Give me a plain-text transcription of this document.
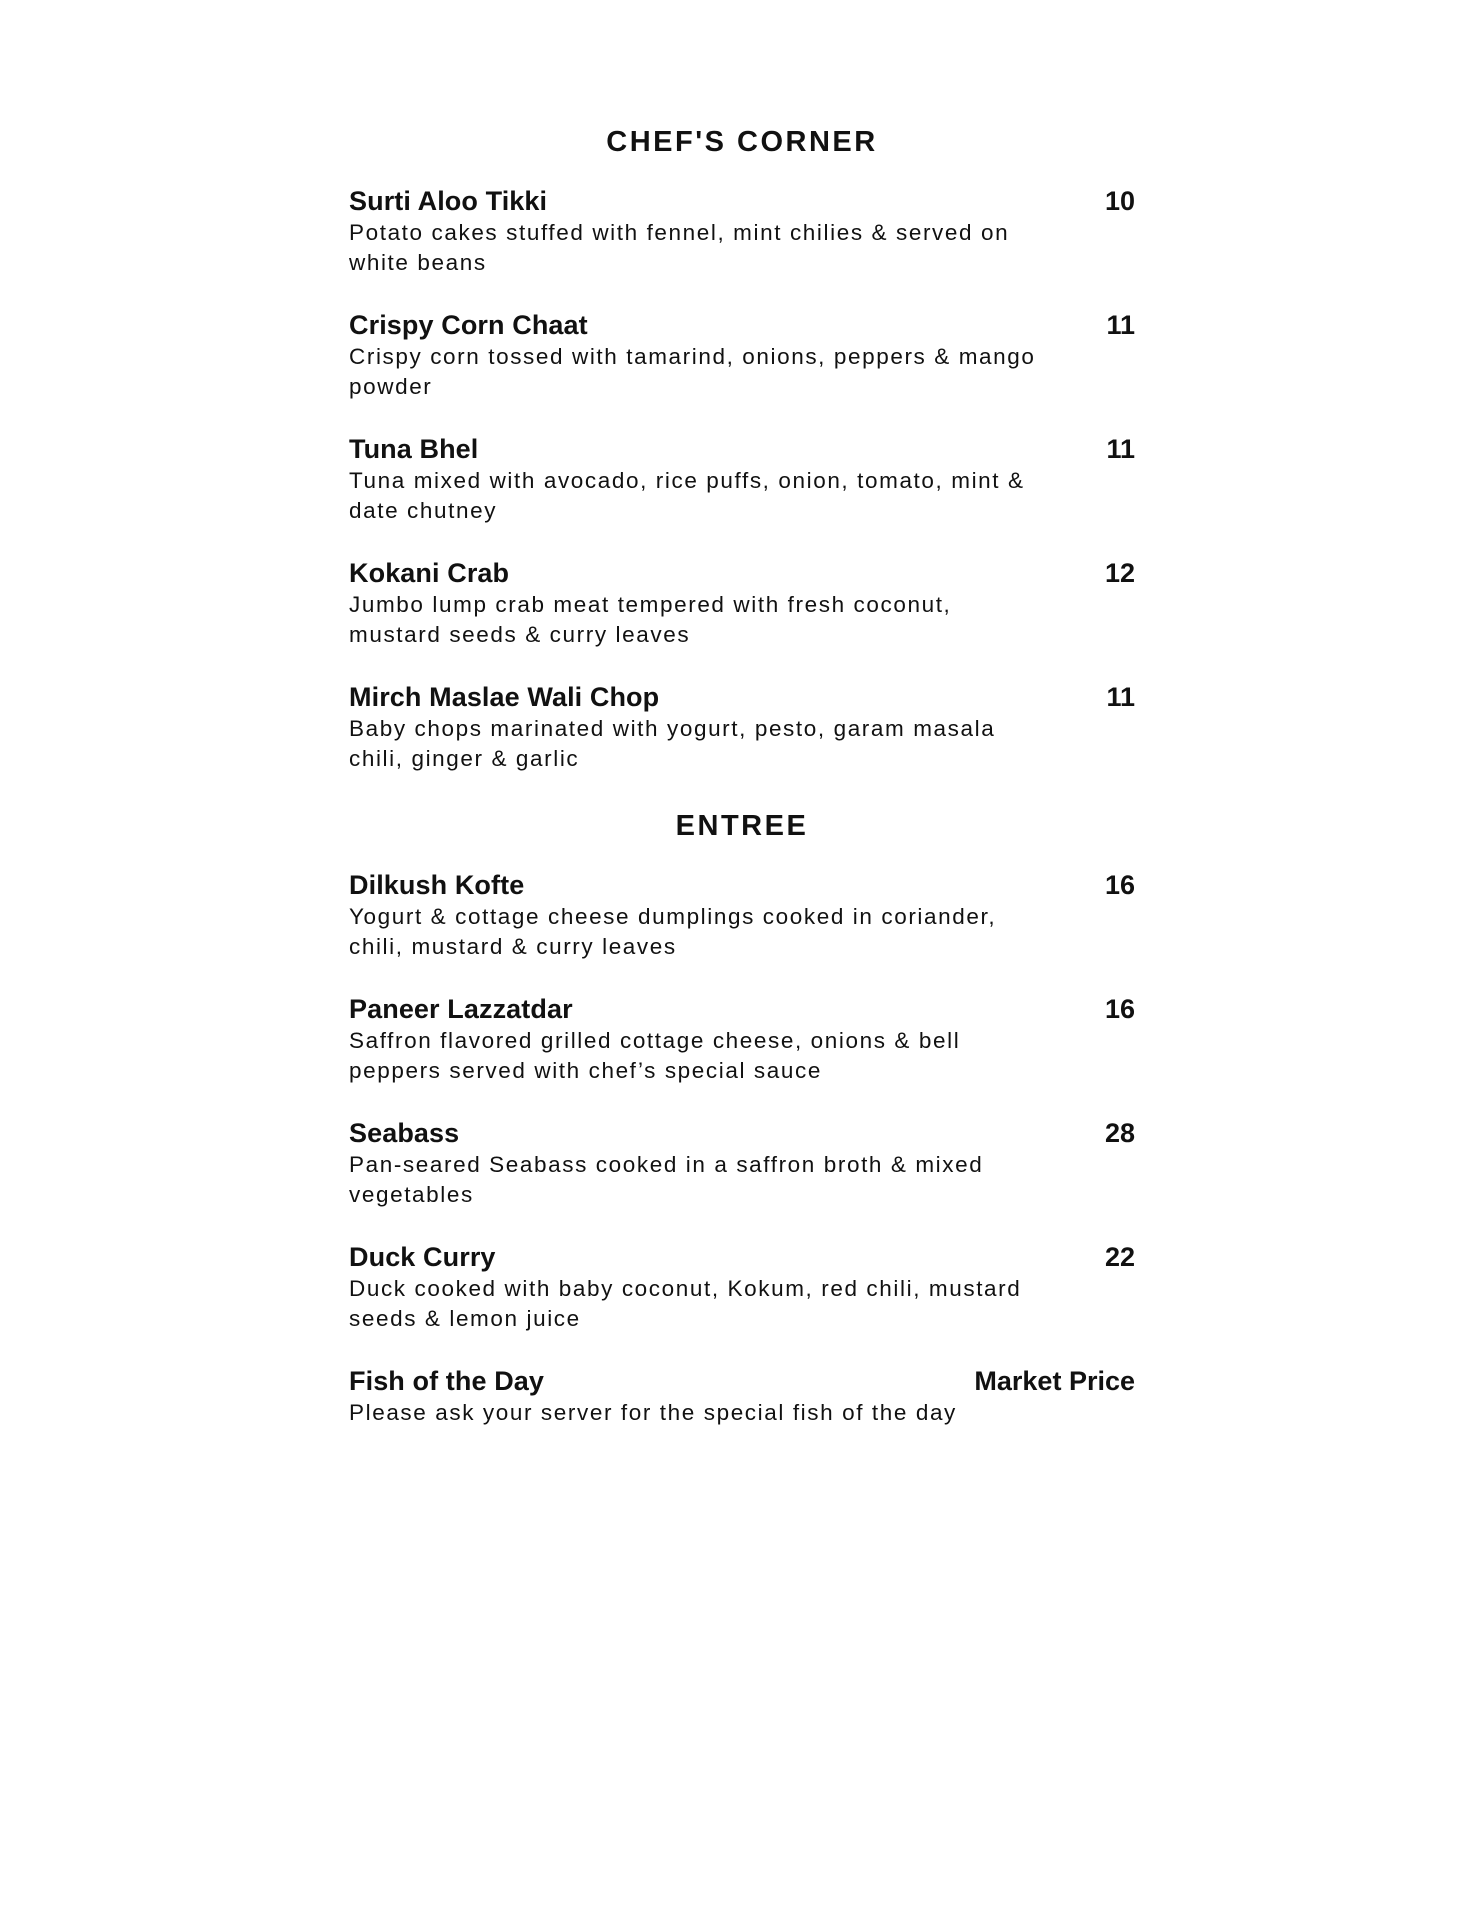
CHEF'S CORNER
Surti Aloo Tikki	10
Potato cakes stuffed with fennel, mint chilies & served on white beans
Crispy Corn Chaat	11
Crispy corn tossed with tamarind, onions, peppers & mango powder
Tuna Bhel	11
Tuna mixed with avocado, rice puffs, onion, tomato, mint & date chutney
Kokani Crab	12
Jumbo lump crab meat tempered with fresh coconut, mustard seeds & curry leaves
Mirch Maslae Wali Chop	11
Baby chops marinated with yogurt, pesto, garam masala chili, ginger & garlic
ENTREE
Dilkush Kofte	16
Yogurt & cottage cheese dumplings cooked in coriander, chili, mustard & curry leaves
Paneer Lazzatdar	16
Saffron flavored grilled cottage cheese, onions & bell peppers served with chef’s special sauce
Seabass	28
Pan-seared Seabass cooked in a saffron broth & mixed vegetables
Duck Curry	22
Duck cooked with baby coconut, Kokum, red chili, mustard seeds & lemon juice
Fish of the Day	Market Price
Please ask your server for the special fish of the day
